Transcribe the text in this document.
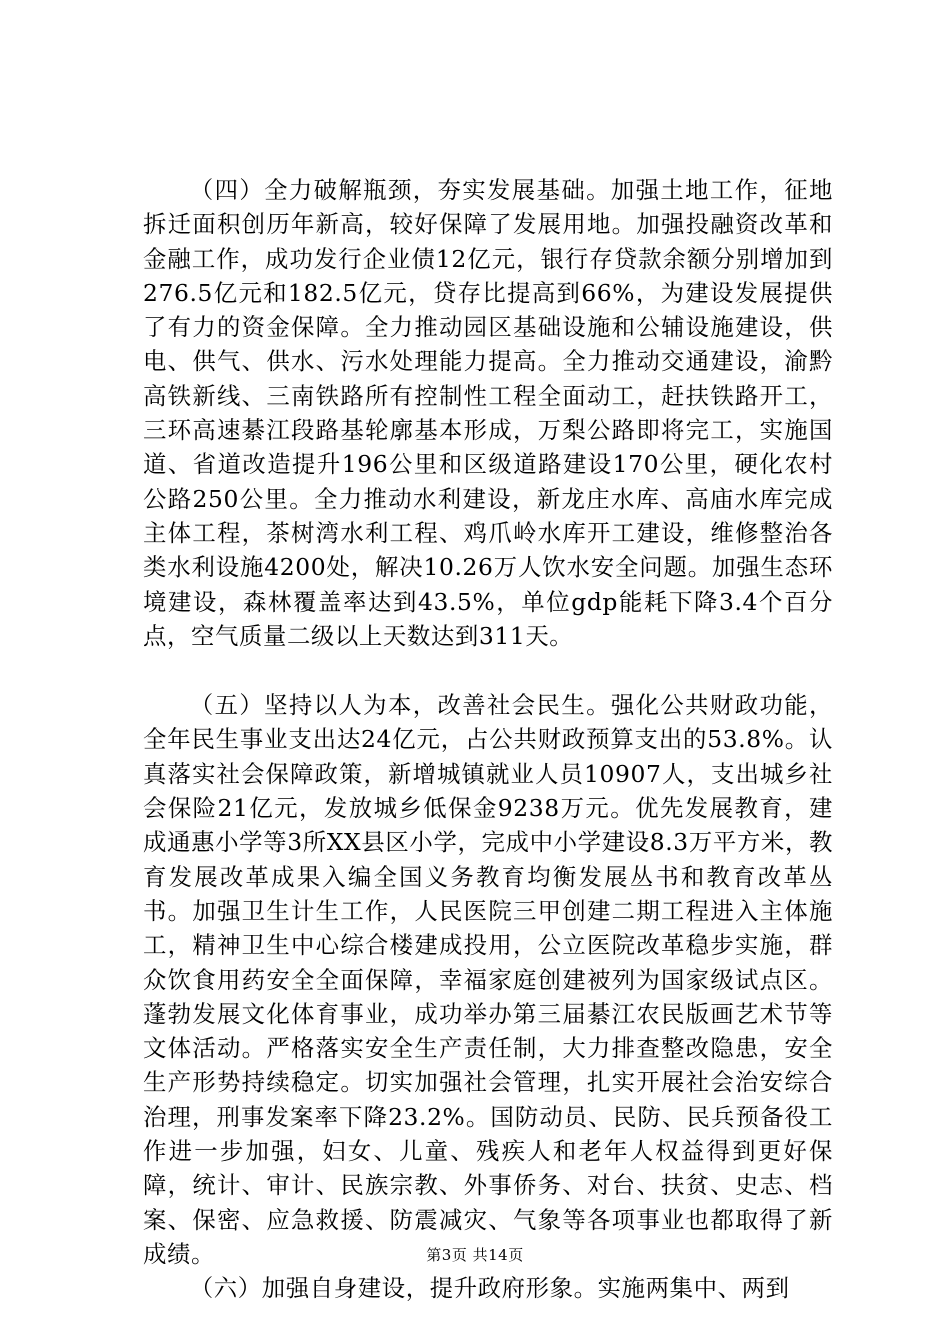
（四）全力破解瓶颈，夯实发展基础。加强土地工作，征地拆迁面积创历年新高，较好保障了发展用地。加强投融资改革和金融工作，成功发行企业债12亿元，银行存贷款余额分别增加到276.5亿元和182.5亿元，贷存比提高到66%，为建设发展提供了有力的资金保障。全力推动园区基础设施和公辅设施建设，供电、供气、供水、污水处理能力提高。全力推动交通建设，渝黔高铁新线、三南铁路所有控制性工程全面动工，赶扶铁路开工，三环高速綦江段路基轮廓基本形成，万梨公路即将完工，实施国道、省道改造提升196公里和区级道路建设170公里，硬化农村公路250公里。全力推动水利建设，新龙庄水库、高庙水库完成主体工程，茶树湾水利工程、鸡爪岭水库开工建设，维修整治各类水利设施4200处，解决10.26万人饮水安全问题。加强生态环境建设，森林覆盖率达到43.5%，单位gdp能耗下降3.4个百分点，空气质量二级以上天数达到311天。

（五）坚持以人为本，改善社会民生。强化公共财政功能，全年民生事业支出达24亿元，占公共财政预算支出的53.8%。认真落实社会保障政策，新增城镇就业人员10907人，支出城乡社会保险21亿元，发放城乡低保金9238万元。优先发展教育，建成通惠小学等3所XX县区小学，完成中小学建设8.3万平方米，教育发展改革成果入编全国义务教育均衡发展丛书和教育改革丛书。加强卫生计生工作，人民医院三甲创建二期工程进入主体施工，精神卫生中心综合楼建成投用，公立医院改革稳步实施，群众饮食用药安全全面保障，幸福家庭创建被列为国家级试点区。蓬勃发展文化体育事业，成功举办第三届綦江农民版画艺术节等文体活动。严格落实安全生产责任制，大力排查整改隐患，安全生产形势持续稳定。切实加强社会管理，扎实开展社会治安综合治理，刑事发案率下降23.2%。国防动员、民防、民兵预备役工作进一步加强，妇女、儿童、残疾人和老年人权益得到更好保障，统计、审计、民族宗教、外事侨务、对台、扶贫、史志、档案、保密、应急救援、防震减灾、气象等各项事业也都取得了新成绩。

（六）加强自身建设，提升政府形象。实施两集中、两到

第3页 共14页
